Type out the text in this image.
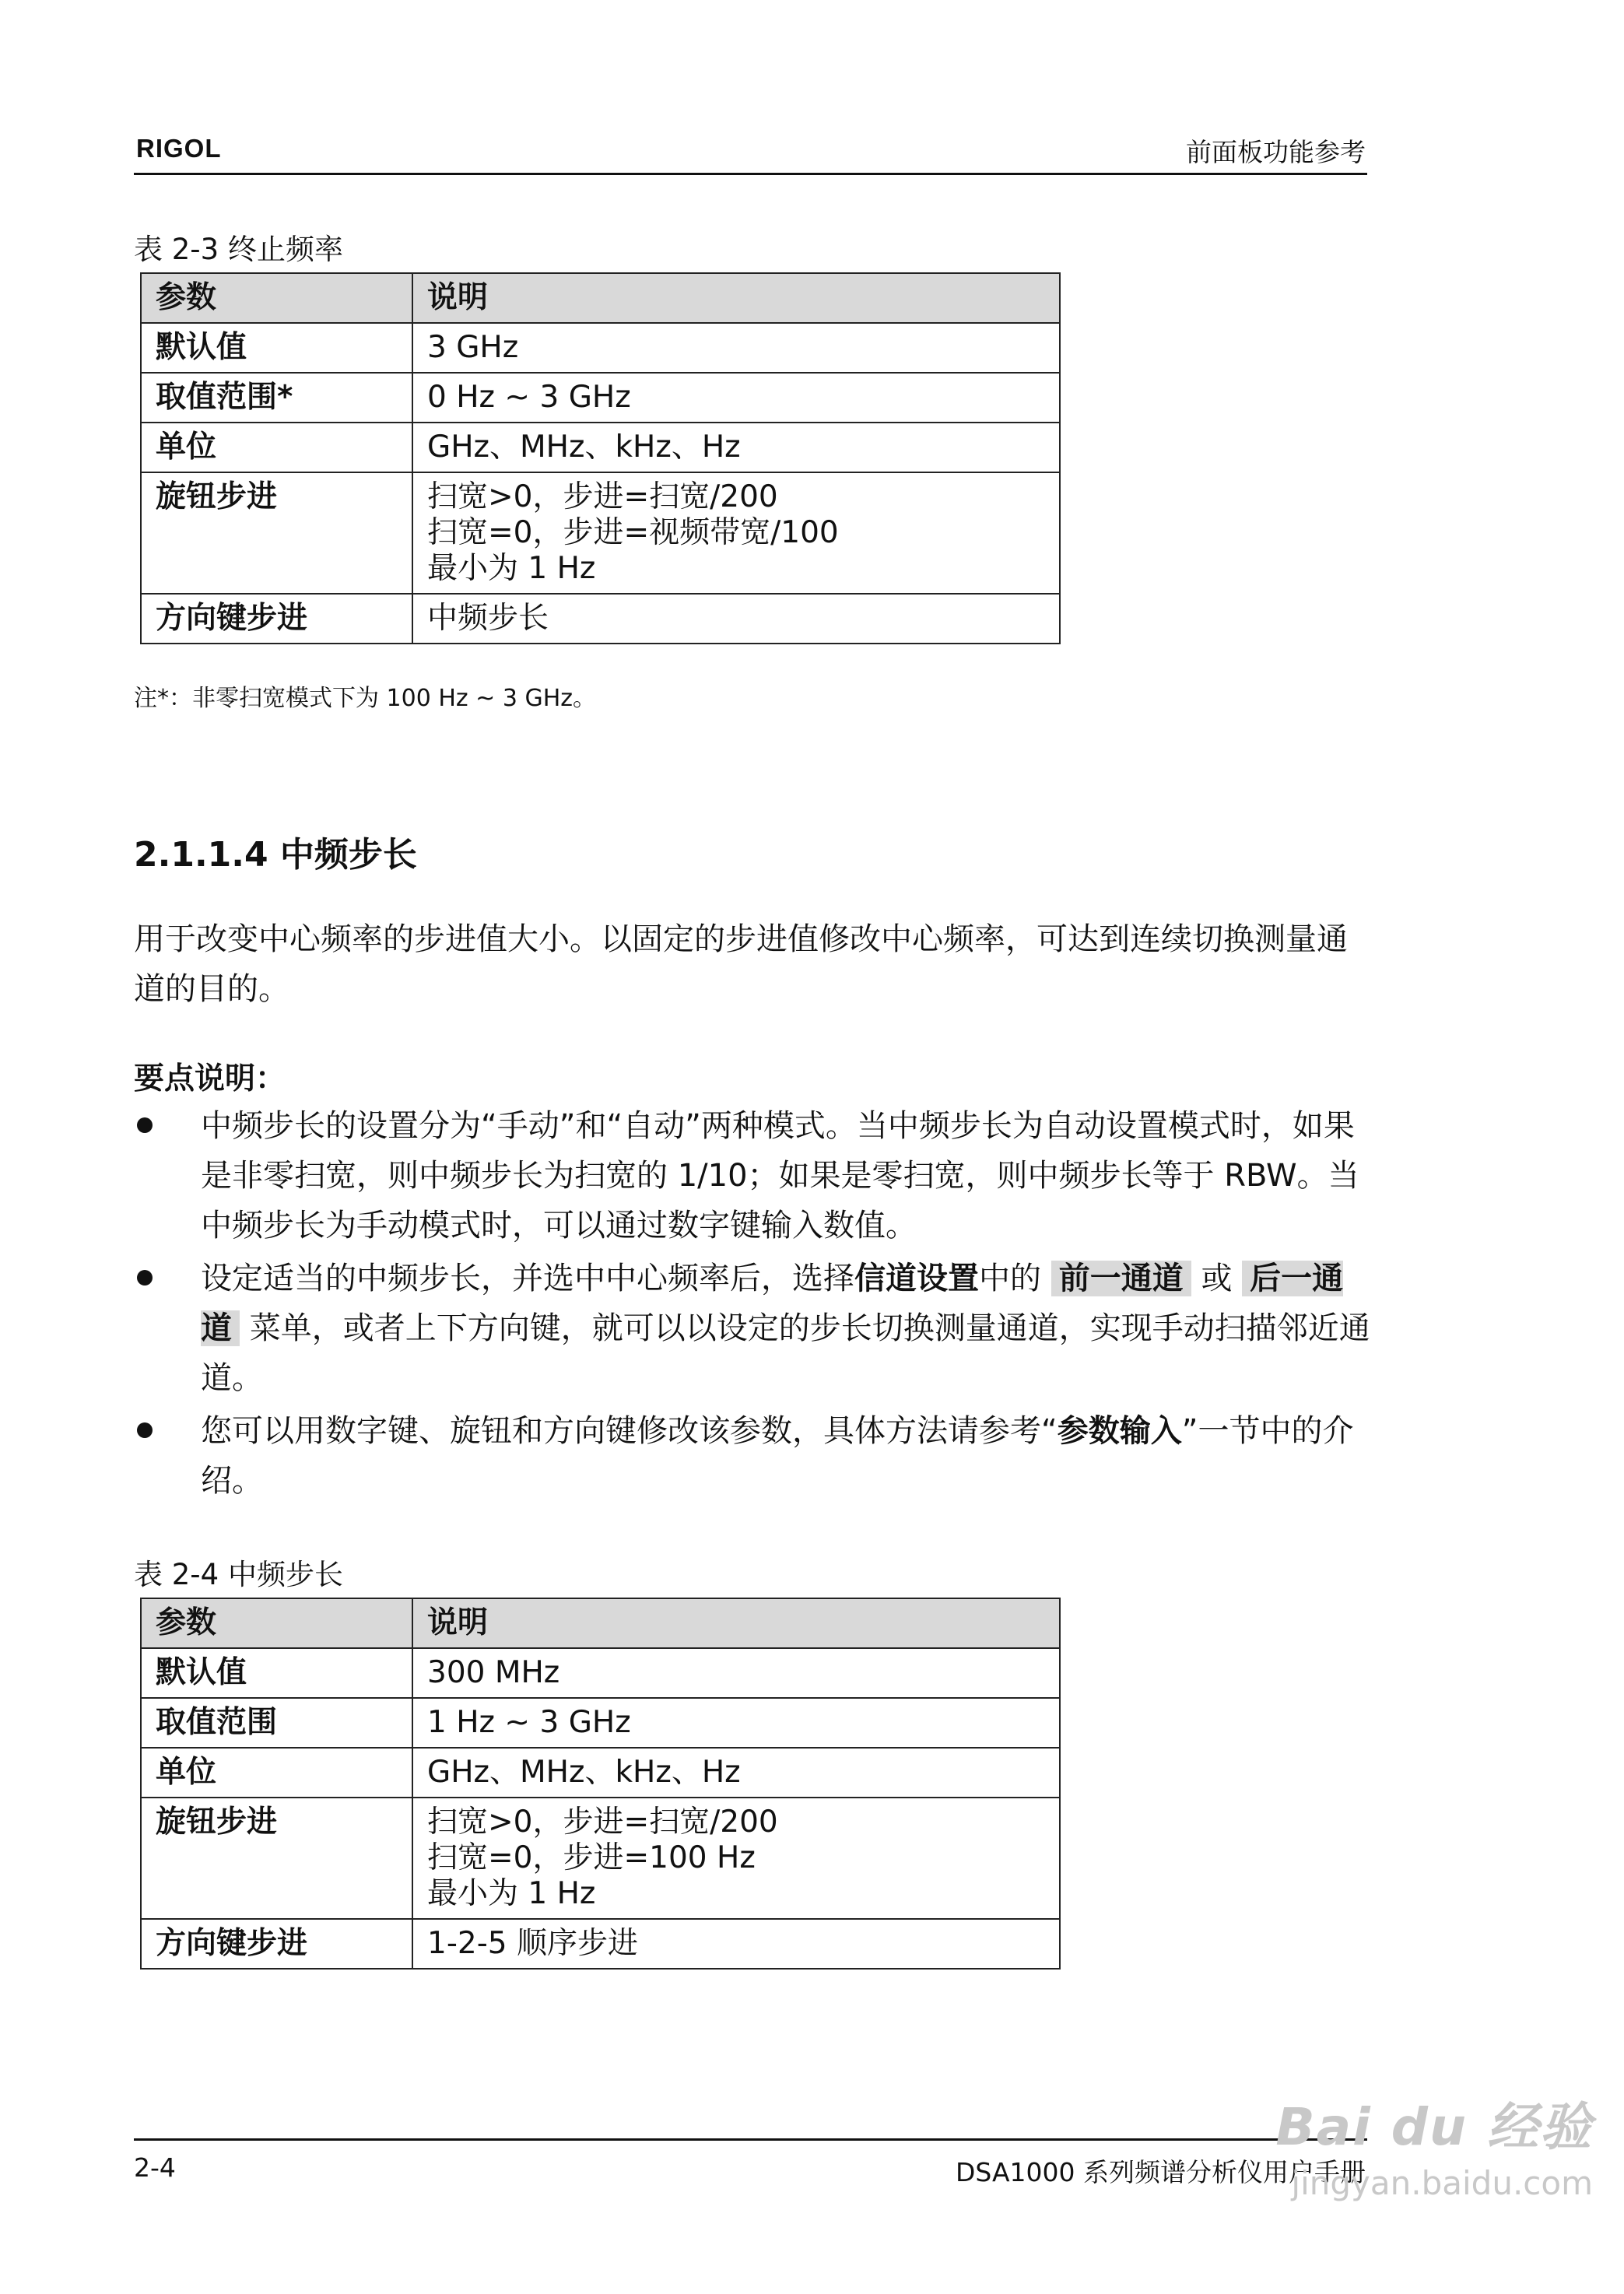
RIGOL	前面板功能参考
表 2-3 终止频率
参数	说明
默认值	3 GHz
取值范围*	0 Hz ~ 3 GHz
单位	GHz、MHz、kHz、Hz
旋钮步进	扫宽>0，步进=扫宽/200
扫宽=0，步进=视频带宽/100
最小为 1 Hz

方向键步进	中频步长
注*：非零扫宽模式下为 100 Hz ~ 3 GHz。
2.1.1.4 中频步长
用于改变中心频率的步进值大小。以固定的步进值修改中心频率，可达到连续切换测量通道的目的。
要点说明：
中频步长的设置分为“手动”和“自动”两种模式。当中频步长为自动设置模式时，如果是非零扫宽，则中频步长为扫宽的 1/10；如果是零扫宽，则中频步长等于 RBW。当中频步长为手动模式时，可以通过数字键输入数值。
设定适当的中频步长，并选中中心频率后，选择信道设置中的 前一通道 或 后一通道 菜单，或者上下方向键，就可以以设定的步长切换测量通道，实现手动扫描邻近通道。
您可以用数字键、旋钮和方向键修改该参数，具体方法请参考“参数输入”一节中的介绍。
表 2-4 中频步长
参数	说明
默认值	300 MHz
取值范围	1 Hz ~ 3 GHz
单位	GHz、MHz、kHz、Hz
旋钮步进	扫宽>0，步进=扫宽/200
扫宽=0，步进=100 Hz
最小为 1 Hz

方向键步进	1-2-5 顺序步进
2-4	DSA1000 系列频谱分析仪用户手册
Bai du 经验
jingyan.baidu.com
